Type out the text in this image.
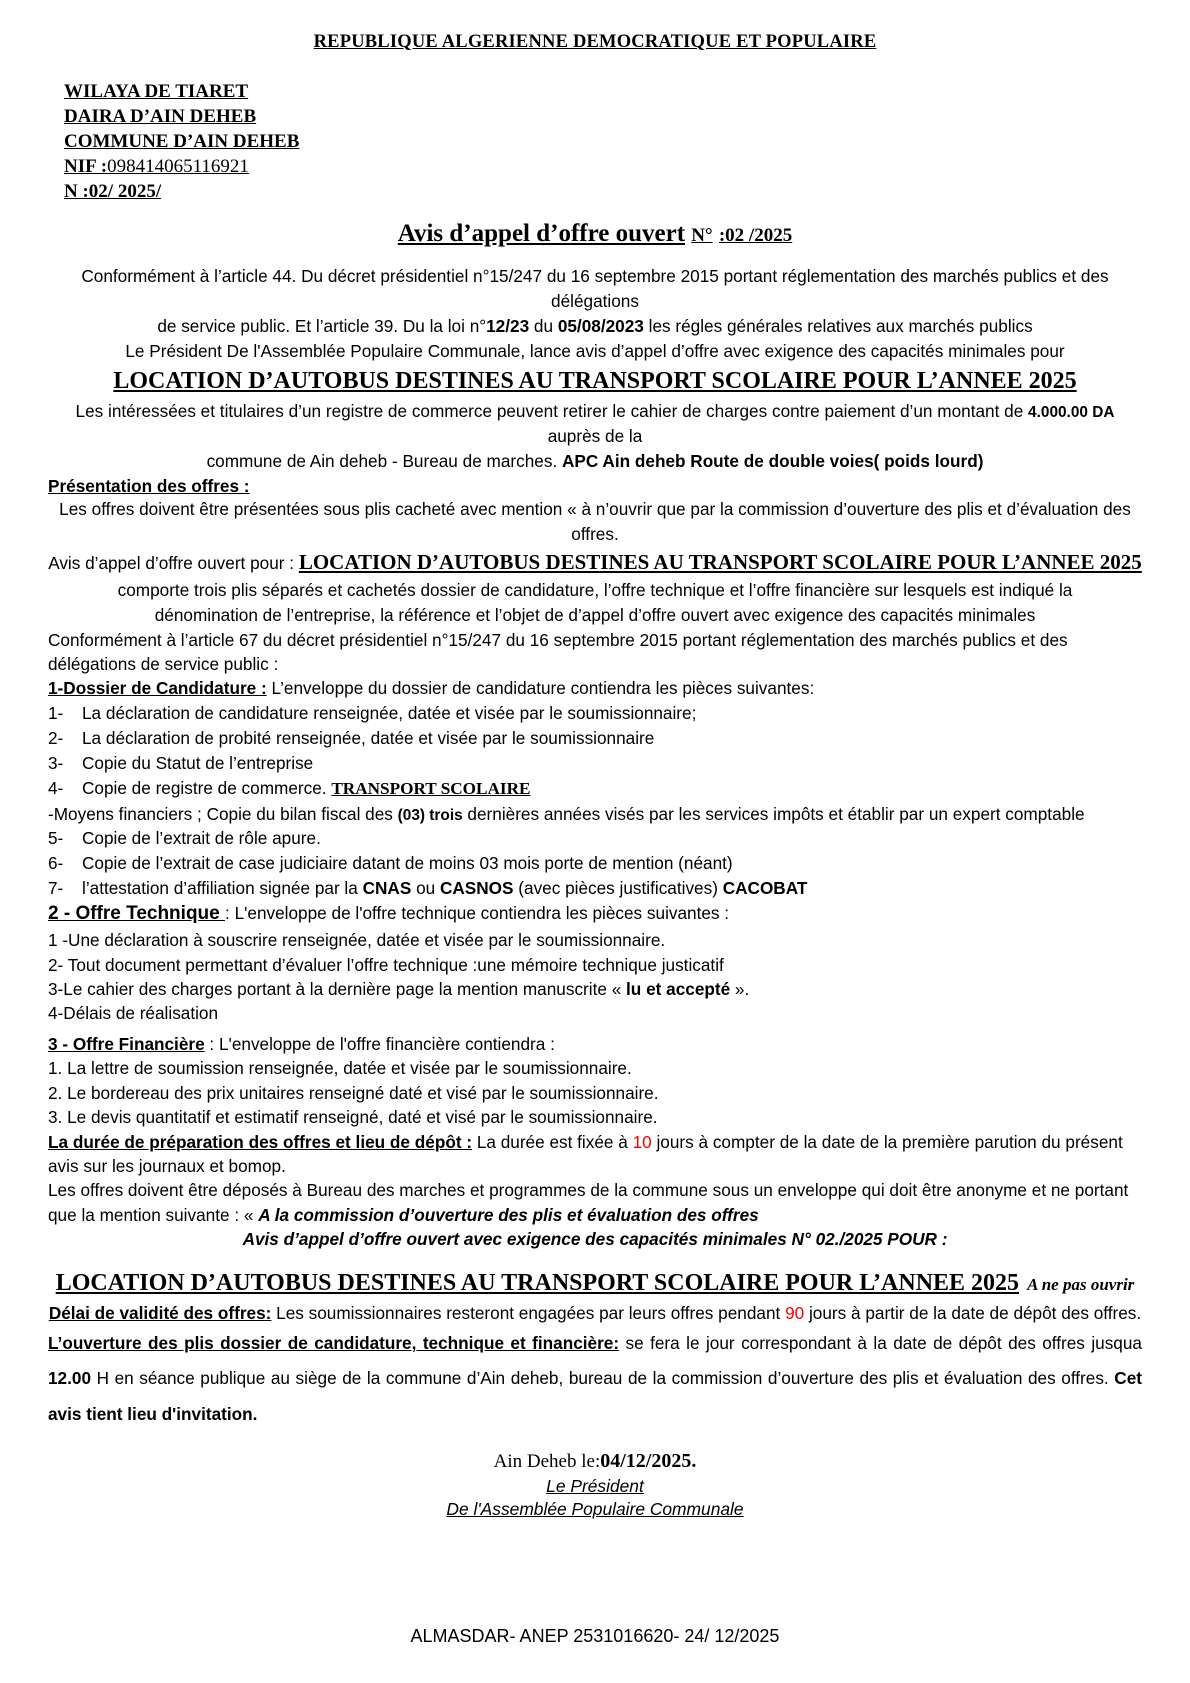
REPUBLIQUE ALGERIENNE DEMOCRATIQUE ET POPULAIRE
WILAYA DE TIARET
DAIRA D’AIN DEHEB
COMMUNE D’AIN DEHEB
NIF :098414065116921
N :02/ 2025/
Avis d’appel d’offre ouvert N° :02 /2025

Conformément à l’article 44. Du décret présidentiel n°15/247 du 16 septembre 2015 portant réglementation des marchés publics et des délégations

de service public. Et l’article 39. Du la loi n°12/23 du 05/08/2023 les régles générales relatives aux marchés publics

Le Président De l'Assemblée Populaire Communale, lance avis d’appel d’offre avec exigence des capacités minimales pour

LOCATION D’AUTOBUS DESTINES AU TRANSPORT SCOLAIRE POUR L’ANNEE 2025

Les intéressées et titulaires d’un registre de commerce peuvent retirer le cahier de charges contre paiement d’un montant de 4.000.00 DA auprès de la

commune de Ain deheb - Bureau de marches. APC Ain deheb Route de double voies( poids lourd)

Présentation des offres :

Les offres doivent être présentées sous plis cacheté avec mention « à n’ouvrir que par la commission d’ouverture des plis et d’évaluation des offres.

Avis d’appel d’offre ouvert pour : LOCATION D’AUTOBUS DESTINES AU TRANSPORT SCOLAIRE POUR L’ANNEE 2025

comporte trois plis séparés et cachetés dossier de candidature, l’offre technique et l’offre financière sur lesquels est indiqué la

dénomination de l’entreprise, la référence et l’objet de d’appel d’offre ouvert avec exigence des capacités minimales

Conformément à l’article 67 du décret présidentiel n°15/247 du 16 septembre 2015 portant réglementation des marchés publics et des délégations de service public :

1-Dossier de Candidature : L’enveloppe du dossier de candidature contiendra les pièces suivantes:

1-	La déclaration de candidature renseignée, datée et visée par le soumissionnaire;
2-	La déclaration de probité renseignée, datée et visée par le soumissionnaire
3-	Copie du Statut de l’entreprise
4-	Copie de registre de commerce. TRANSPORT SCOLAIRE

-Moyens financiers ; Copie du bilan fiscal des (03) trois dernières années visés par les services impôts et établir par un expert comptable

5-	Copie de l’extrait de rôle apure.
6-	Copie de l’extrait de case judiciaire datant de moins 03 mois porte de mention (néant)
7-	l’attestation d’affiliation signée par la CNAS ou CASNOS (avec pièces justificatives) CACOBAT

2 - Offre Technique : L'enveloppe de l'offre technique contiendra les pièces suivantes :

1 -Une déclaration à souscrire renseignée, datée et visée par le soumissionnaire.

2- Tout document permettant d’évaluer l’offre technique :une mémoire technique justicatif

3-Le cahier des charges portant à la dernière page la mention manuscrite « lu et accepté ».

4-Délais de réalisation

3 - Offre Financière : L'enveloppe de l'offre financière contiendra :

1. La lettre de soumission renseignée, datée et visée par le soumissionnaire.

2. Le bordereau des prix unitaires renseigné daté et visé par le soumissionnaire.

3. Le devis quantitatif et estimatif renseigné, daté et visé par le soumissionnaire.

La durée de préparation des offres et lieu de dépôt : La durée est fixée à 10 jours à compter de la date de la première parution du présent avis sur les journaux et bomop.

Les offres doivent être déposés à Bureau des marches et programmes de la commune sous un enveloppe qui doit être anonyme et ne portant que la mention suivante : « A la commission d’ouverture des plis et évaluation des offres

Avis d’appel d’offre ouvert avec exigence des capacités minimales N° 02./2025 POUR :

LOCATION D’AUTOBUS DESTINES AU TRANSPORT SCOLAIRE POUR L’ANNEE 2025 A ne pas ouvrir

Délai de validité des offres: Les soumissionnaires resteront engagées par leurs offres pendant 90 jours à partir de la date de dépôt des offres.

L’ouverture des plis dossier de candidature, technique et financière: se fera le jour correspondant à la date de dépôt des offres jusqua 12.00 H en séance publique au siège de la commune d’Ain deheb, bureau de la commission d’ouverture des plis et évaluation des offres. Cet avis tient lieu d'invitation.

Ain Deheb le:04/12/2025.
Le Président
De l'Assemblée Populaire Communale
ALMASDAR- ANEP 2531016620- 24/ 12/2025
